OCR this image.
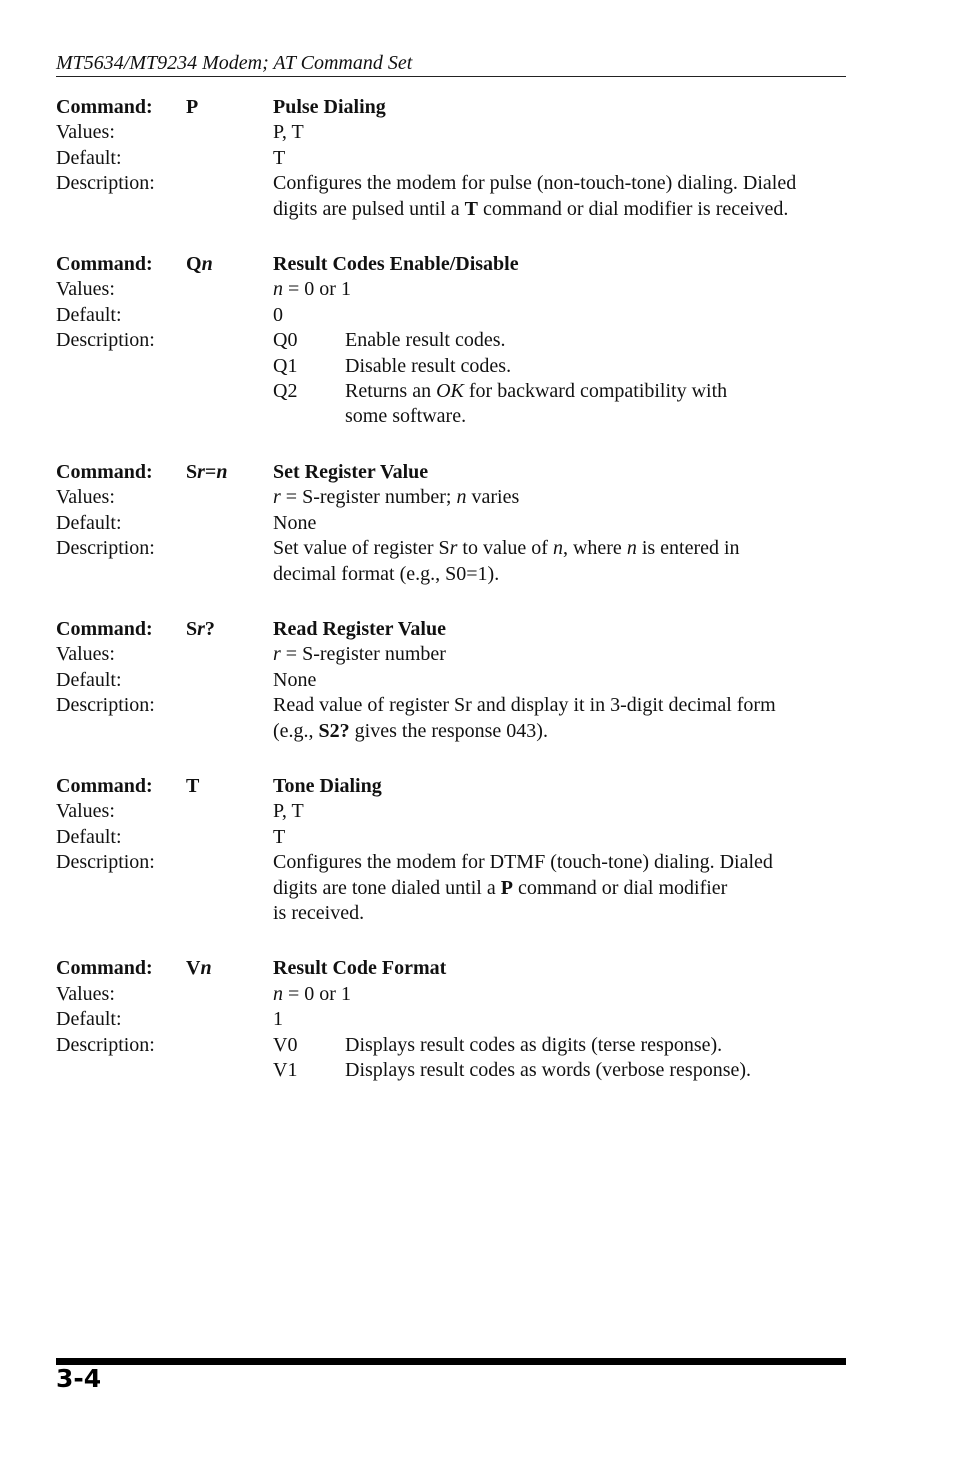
MT5634/MT9234 Modem; AT Command Set
Command:	P	Pulse Dialing
Values:	P, T
Default:	T
Description:	Configures the modem for pulse (non-touch-tone) dialing. Dialed
digits are pulsed until a T command or dial modifier is received.
Command:	Qn	Result Codes Enable/Disable
Values:	n = 0 or 1
Default:	0
Description:	Q0	Enable result codes.
Q1	Disable result codes.
Q2	Returns an OK for backward compatibility with
some software.
Command:	Sr=n	Set Register Value
Values:	r = S-register number; n varies
Default:	None
Description:	Set value of register Sr to value of n, where n is entered in
decimal format (e.g., S0=1).
Command:	Sr?	Read Register Value
Values:	r = S-register number
Default:	None
Description:	Read value of register Sr and display it in 3-digit decimal form
(e.g., S2? gives the response 043).
Command:	T	Tone Dialing
Values:	P, T
Default:	T
Description:	Configures the modem for DTMF (touch-tone) dialing. Dialed
digits are tone dialed until a P command or dial modifier
is received.
Command:	Vn	Result Code Format
Values:	n = 0 or 1
Default:	1
Description:	V0	Displays result codes as digits (terse response).
V1	Displays result codes as words (verbose response).
3-4
